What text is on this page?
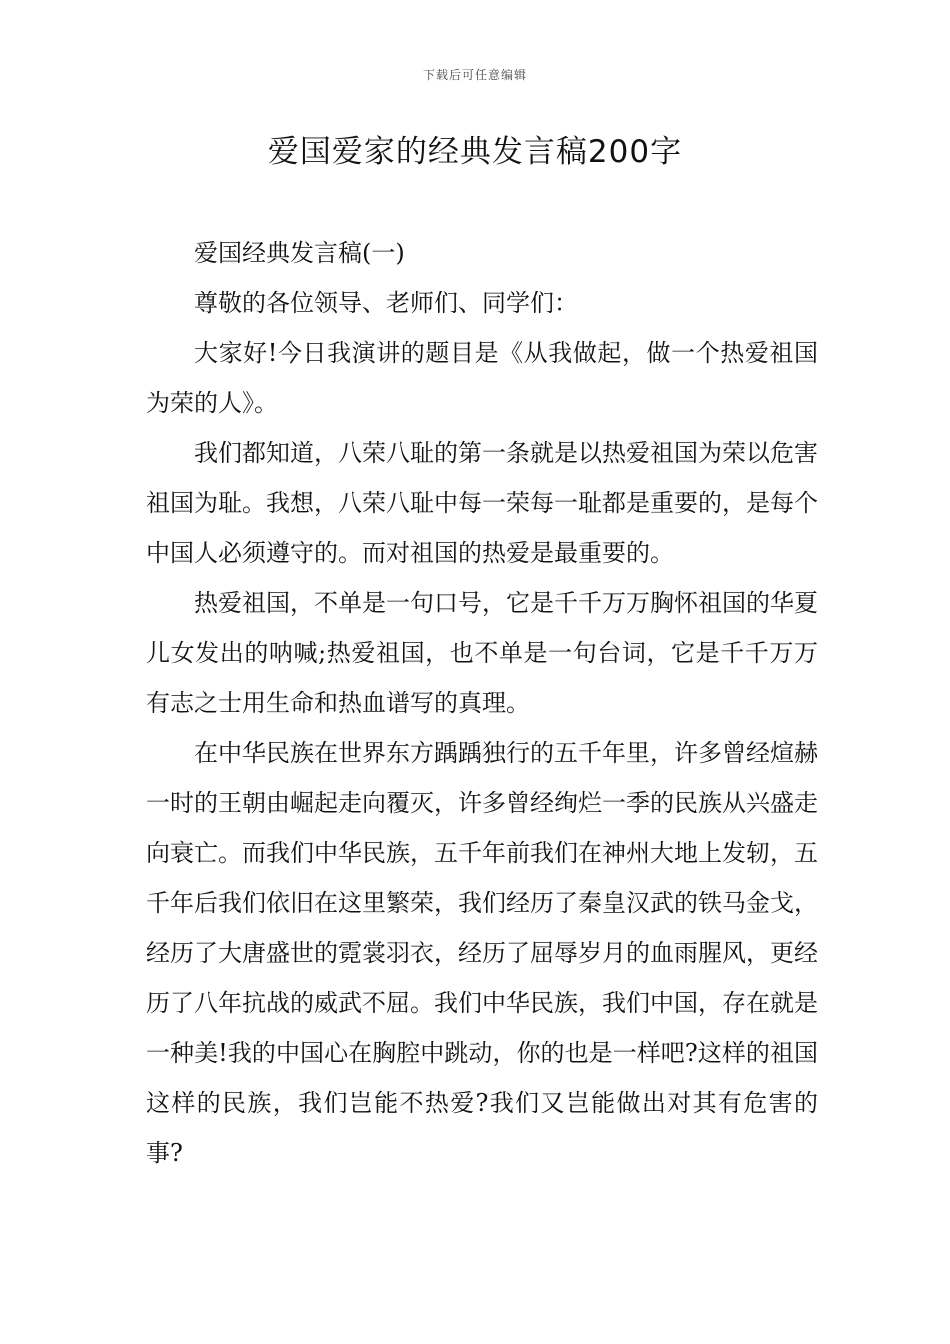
下载后可任意编辑
爱国爱家的经典发言稿200字

爱国经典发言稿(一)

尊敬的各位领导、老师们、同学们：

大家好!今日我演讲的题目是《从我做起，做一个热爱祖国为荣的人》。

我们都知道，八荣八耻的第一条就是以热爱祖国为荣以危害祖国为耻。我想，八荣八耻中每一荣每一耻都是重要的，是每个中国人必须遵守的。而对祖国的热爱是最重要的。

热爱祖国，不单是一句口号，它是千千万万胸怀祖国的华夏儿女发出的呐喊;热爱祖国，也不单是一句台词，它是千千万万有志之士用生命和热血谱写的真理。

在中华民族在世界东方踽踽独行的五千年里，许多曾经煊赫一时的王朝由崛起走向覆灭，许多曾经绚烂一季的民族从兴盛走向衰亡。而我们中华民族，五千年前我们在神州大地上发轫，五千年后我们依旧在这里繁荣，我们经历了秦皇汉武的铁马金戈，经历了大唐盛世的霓裳羽衣，经历了屈辱岁月的血雨腥风，更经历了八年抗战的威武不屈。我们中华民族，我们中国，存在就是一种美!我的中国心在胸腔中跳动，你的也是一样吧?这样的祖国这样的民族，我们岂能不热爱?我们又岂能做出对其有危害的事?
